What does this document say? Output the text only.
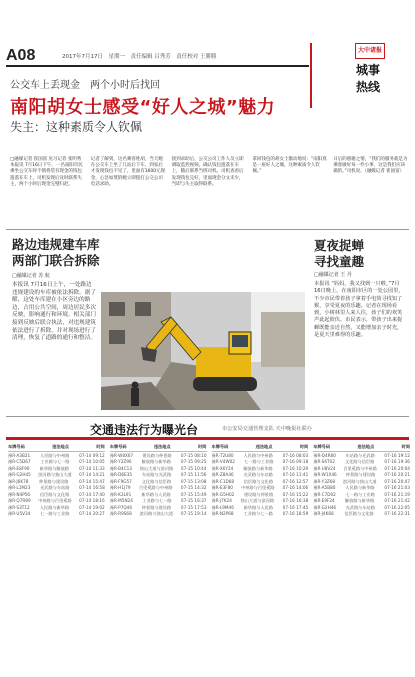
A08	2017年7月17日　星期一　责任编辑 吕秀芳　责任校对 王勝勝
大中诸报
城事
热线
公交车上丢现金　两个小时后找回
南阳胡女士感受“好人之城”魅力
失主：这种素质令人钦佩
□融媒记者 崔国富 见习记者 张明秀　本报讯 7月16日下午，一名南阳市民乘坐公交车时不慎将装有现金的钱包遗落在车上，司机发现后及时联系失主，两个小时后现金完璧归赵。
记者了解到，这名乘客姓胡，当天她在公交车上坐了几站后下车，到家后才发现钱包不见了，里面有1600元现金，心急如焚的她立即拨打公交公司电话求助。
接到求助后，公交公司工作人员立即调取监控视频，确认钱包遗落在车上，随后联系当班司机。司机查看后发现钱包完好，里面现金分文未少，当即与失主取得联系。
拿回钱包的胡女士激动地说：“南阳真是一座好人之城，这种素质令人钦佩。”
日后的感谢之情，“我们的服务就是为乘客做好每一件小事，这是我们应该做的。”司机说。（融媒记者 崔国富）
路边违规建车库
两部门联合拆除
□融媒记者 苏 航
本报讯 7月16日上午，一处路边违规建设的车库被依法拆除。据了解，这处车库建在小区旁边的路边，占用公共空间，周边居民多次反映，影响通行和环境。相关部门接到反映后联合执法，对违规建筑依法进行了拆除，并对现场进行了清理，恢复了道路的通行和整洁。
夏夜捉蝉
寻找童趣
□融媒记者 王 丹
本报讯 “妈妈，我又找到一只啦。”7月16日晚上，在南阳市区的一处公园里，不少市民带着孩子拿着手电筒寻找知了猴，享受夏夜的乐趣。记者在现场看到，小树林里人来人往，孩子们的欢笑声此起彼伏。市民表示，带孩子出来捉蝉既能亲近自然，又能增加亲子时光，是夏天里难得的乐趣。
交通违法行为曝光台	市公安局交通管理支队 天中晚报社联办
车牌号码	违法地点	时间
豫R·A3B21 人民路与中州路 07-14 09:12
豫R·C5D67 工业路与七一路 07-14 10:05
豫R·E8F90 新华路与解放路 07-14 11:33
豫R·G2H45 滨河路与独山大道 07-14 14:21
豫R·J6K78	仲景路与建设路	07-14 15:47
豫R·L1M23 光武路与车站路 07-14 16:58
豫R·N4P56 信臣路与文化路 07-14 17:40
豫R·Q7R89 中州路与百里奚路 07-14 18:16
豫R·S3T12 人民路与新华路 07-14 19:02
豫R·U5V34 七一路与工业路 07-14 20:27
车牌号码	违法地点	时间
豫R·W8X67 建设路与仲景路 07-15 08:10
豫R·Y2Z90 解放路与新华路 07-15 09:25
豫R·B4C13 独山大道与滨河路 07-15 10:44
豫R·D6E35 车站路与光武路 07-15 11:56
豫R·F9G57 文化路与信臣路 07-15 13:08
豫R·H1J79 百里奚路与中州路 07-15 14:32
豫R·K3L91 新华路与人民路 07-15 15:49
豫R·M5N24 工业路与七一路 07-15 16:37
豫R·P7Q46 仲景路与建设路 07-15 17:53
豫R·R9S68 滨河路与独山大道 07-15 19:14
车牌号码	违法地点	时间
豫R·T2U80 人民路与中州路 07-16 08:03
豫R·V4W02 七一路与工业路 07-16 09:18
豫R·X6Y24 解放路与新华路 07-16 10:29
豫R·Z8A46 光武路与车站路 07-16 11:41
豫R·C1D68 信臣路与文化路 07-16 12:57
豫R·E3F80 中州路与百里奚路 07-16 14:06
豫R·G5H02 建设路与仲景路 07-16 15:22
豫R·J7K24 独山大道与滨河路 07-16 16:38
豫R·L9M46 新华路与人民路 07-16 17:45
豫R·N2P68 工业路与七一路 07-16 18:59
车牌号码	违法地点	时间
豫R·Q4R80 车站路与光武路 07-16 19:12
豫R·S6T02 文化路与信臣路 07-16 19:36
豫R·U8V24 百里奚路与中州路 07-16 20:04
豫R·W1X46 仲景路与建设路 07-16 20:21
豫R·Y3Z68 滨河路与独山大道 07-16 20:47
豫R·A5B80 人民路与新华路 07-16 21:03
豫R·C7D02 七一路与工业路 07-16 21:19
豫R·E9F24 解放路与新华路 07-16 21:42
豫R·G2H46 光武路与车站路 07-16 22:05
豫R·J4K68	信臣路与文化路	07-16 22:31
